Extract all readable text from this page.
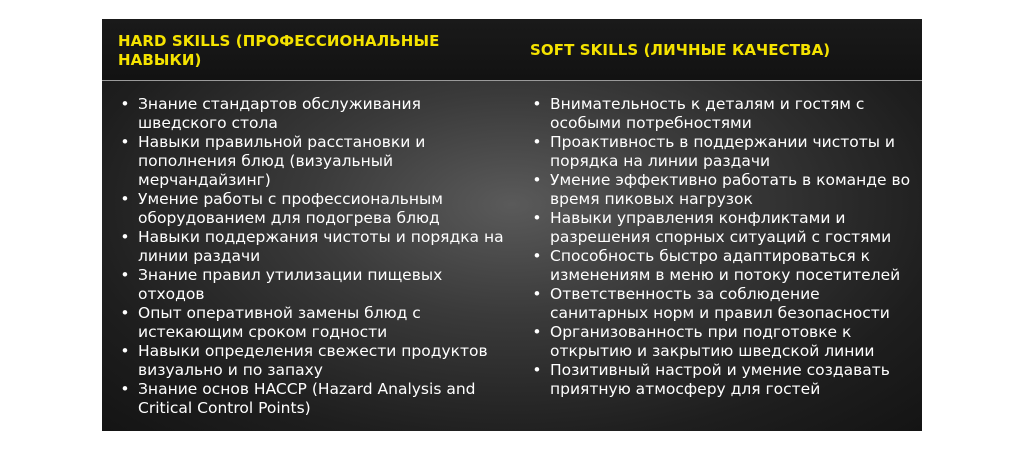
HARD SKILLS (ПРОФЕССИОНАЛЬНЫЕ НАВЫКИ)
SOFT SKILLS (ЛИЧНЫЕ КАЧЕСТВА)
• Знание стандартов обслуживания шведского стола
• Навыки правильной расстановки и пополнения блюд (визуальный мерчандайзинг)
• Умение работы с профессиональным оборудованием для подогрева блюд
• Навыки поддержания чистоты и порядка на линии раздачи
• Знание правил утилизации пищевых отходов
• Опыт оперативной замены блюд с истекающим сроком годности
• Навыки определения свежести продуктов визуально и по запаху
• Знание основ HACCP (Hazard Analysis and Critical Control Points)
• Внимательность к деталям и гостям с особыми потребностями
• Проактивность в поддержании чистоты и порядка на линии раздачи
• Умение эффективно работать в команде во время пиковых нагрузок
• Навыки управления конфликтами и разрешения спорных ситуаций с гостями
• Способность быстро адаптироваться к изменениям в меню и потоку посетителей
• Ответственность за соблюдение санитарных норм и правил безопасности
• Организованность при подготовке к открытию и закрытию шведской линии
• Позитивный настрой и умение создавать приятную атмосферу для гостей
